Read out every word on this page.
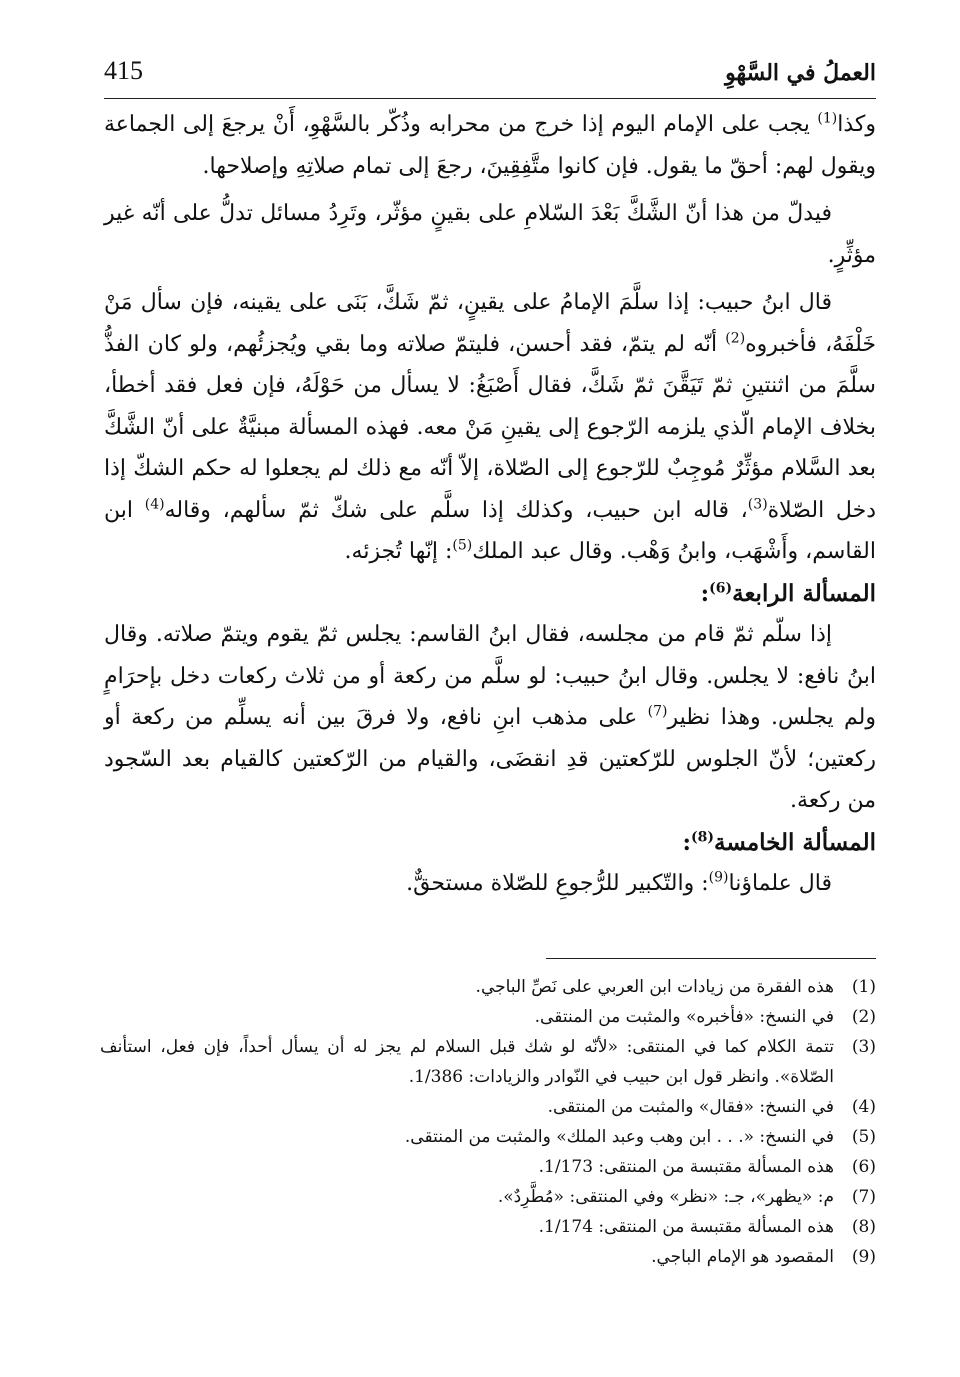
العملُ في السَّهْوِ
415

وكذا$^{(1)}$ يجب على الإمام اليوم إذا خرج من محرابه وذُكّر بالسَّهْوِ، أَنْ يرجعَ إلى الجماعة ويقول لهم: أحقّ ما يقول. فإن كانوا متَّفِقِينَ، رجعَ إلى تمام صلاتِهِ وإصلاحها.

فيدلّ من هذا أنّ الشَّكَّ بَعْدَ السّلامِ على بقينٍ مؤثّر، وتَرِدُ مسائل تدلُّ على أنّه غير مؤثِّرٍ.

قال ابنُ حبيب: إذا سلَّمَ الإمامُ على يقينٍ، ثمّ شَكَّ، بَنَى على يقينه، فإن سأل مَنْ خَلْفَهُ، فأخبروه$^{(2)}$ أنّه لم يتمّ، فقد أحسن، فليتمّ صلاته وما بقي ويُجزئُهم، ولو كان الفذُّ سلَّمَ من اثنتينِ ثمّ تَيَقَّنَ ثمّ شَكَّ، فقال أَصْبَغُ: لا يسأل من حَوْلَهُ، فإن فعل فقد أخطأ، بخلاف الإمام الّذي يلزمه الرّجوع إلى يقينِ مَنْ معه. فهذه المسألة مبنيَّةٌ على أنّ الشَّكَّ بعد السَّلام مؤثِّرٌ مُوجِبٌ للرّجوع إلى الصّلاة، إلاّ أنّه مع ذلك لم يجعلوا له حكم الشكّ إذا دخل الصّلاة$^{(3)}$، قاله ابن حبيب، وكذلك إذا سلَّم على شكّ ثمّ سألهم، وقاله$^{(4)}$ ابن القاسم، وأَشْهَب، وابنُ وَهْب. وقال عبد الملك$^{(5)}$: إنّها تُجزئه.

المسألة الرابعة$^{(6)}$:

إذا سلّم ثمّ قام من مجلسه، فقال ابنُ القاسم: يجلس ثمّ يقوم ويتمّ صلاته. وقال ابنُ نافع: لا يجلس. وقال ابنُ حبيب: لو سلَّم من ركعة أو من ثلاث ركعات دخل بإحرَامٍ ولم يجلس. وهذا نظير$^{(7)}$ على مذهب ابنِ نافع، ولا فرقَ بين أنه يسلِّم من ركعة أو ركعتين؛ لأنّ الجلوس للرّكعتين قدِ انقضَى، والقيام من الرّكعتين كالقيام بعد السّجود من ركعة.

المسألة الخامسة$^{(8)}$:

قال علماؤنا$^{(9)}$: والتّكبير للرُّجوعِ للصّلاة مستحقٌّ.

(1)
هذه الفقرة من زيادات ابن العربي على نَصِّ الباجي.
(2)
في النسخ: «فأخبره» والمثبت من المنتقى.
(3)
تتمة الكلام كما في المنتقى: «لأنّه لو شك قبل السلام لم يجز له أن يسأل أحداً، فإن فعل، استأنف الصّلاة». وانظر قول ابن حبيب في النّوادر والزيادات: 1/386.
(4)
في النسخ: «فقال» والمثبت من المنتقى.
(5)
في النسخ: «. . . ابن وهب وعبد الملك» والمثبت من المنتقى.
(6)
هذه المسألة مقتبسة من المنتقى: 1/173.
(7)
م: «يظهر»، جـ: «نظر» وفي المنتقى: «مُطَّرِدٌ».
(8)
هذه المسألة مقتبسة من المنتقى: 1/174.
(9)
المقصود هو الإمام الباجي.
